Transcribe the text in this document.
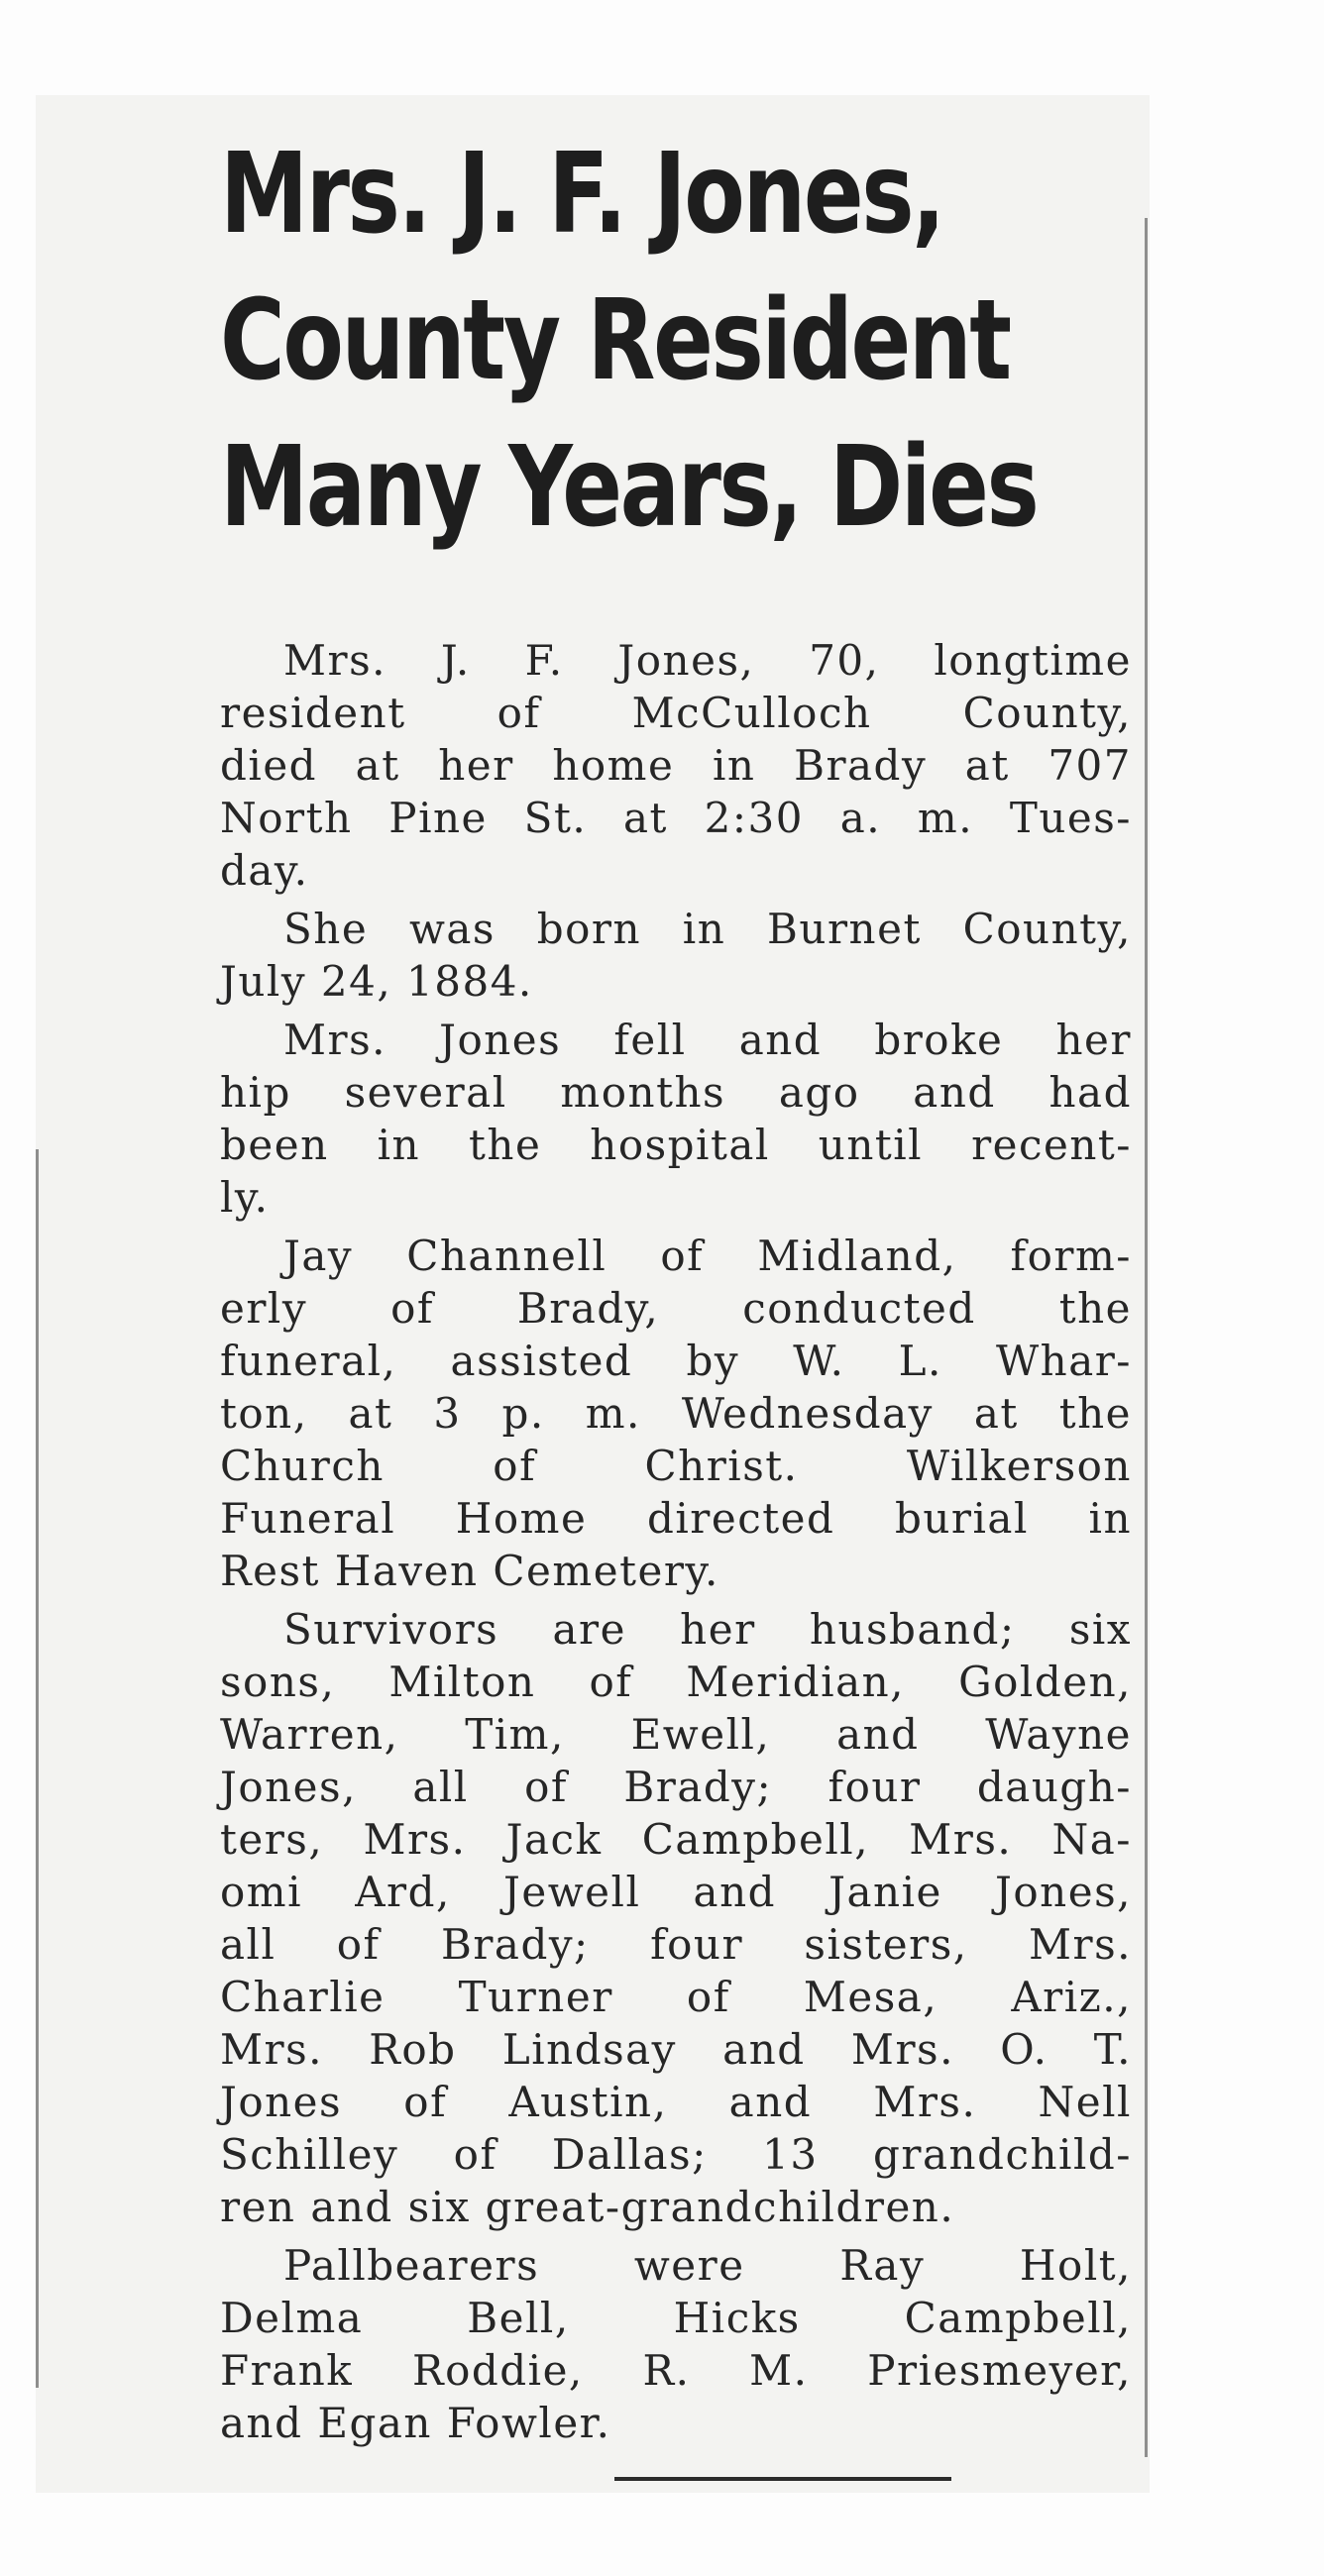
Mrs. J. F. Jones,
County Resident
Many Years, Dies
Mrs. J. F. Jones, 70, longtime
resident of McCulloch County,
died at her home in Brady at 707
North Pine St. at 2:30 a. m. Tues-
day.
She was born in Burnet County,
July 24, 1884.
Mrs. Jones fell and broke her
hip several months ago and had
been in the hospital until recent-
ly.
Jay Channell of Midland, form-
erly of Brady, conducted the
funeral, assisted by W. L. Whar-
ton, at 3 p. m. Wednesday at the
Church of Christ. Wilkerson
Funeral Home directed burial in
Rest Haven Cemetery.
Survivors are her husband; six
sons, Milton of Meridian, Golden,
Warren, Tim, Ewell, and Wayne
Jones, all of Brady; four daugh-
ters, Mrs. Jack Campbell, Mrs. Na-
omi Ard, Jewell and Janie Jones,
all of Brady; four sisters, Mrs.
Charlie Turner of Mesa, Ariz.,
Mrs. Rob Lindsay and Mrs. O. T.
Jones of Austin, and Mrs. Nell
Schilley of Dallas; 13 grandchild-
ren and six great-grandchildren.
Pallbearers were Ray Holt,
Delma Bell, Hicks Campbell,
Frank Roddie, R. M. Priesmeyer,
and Egan Fowler.
